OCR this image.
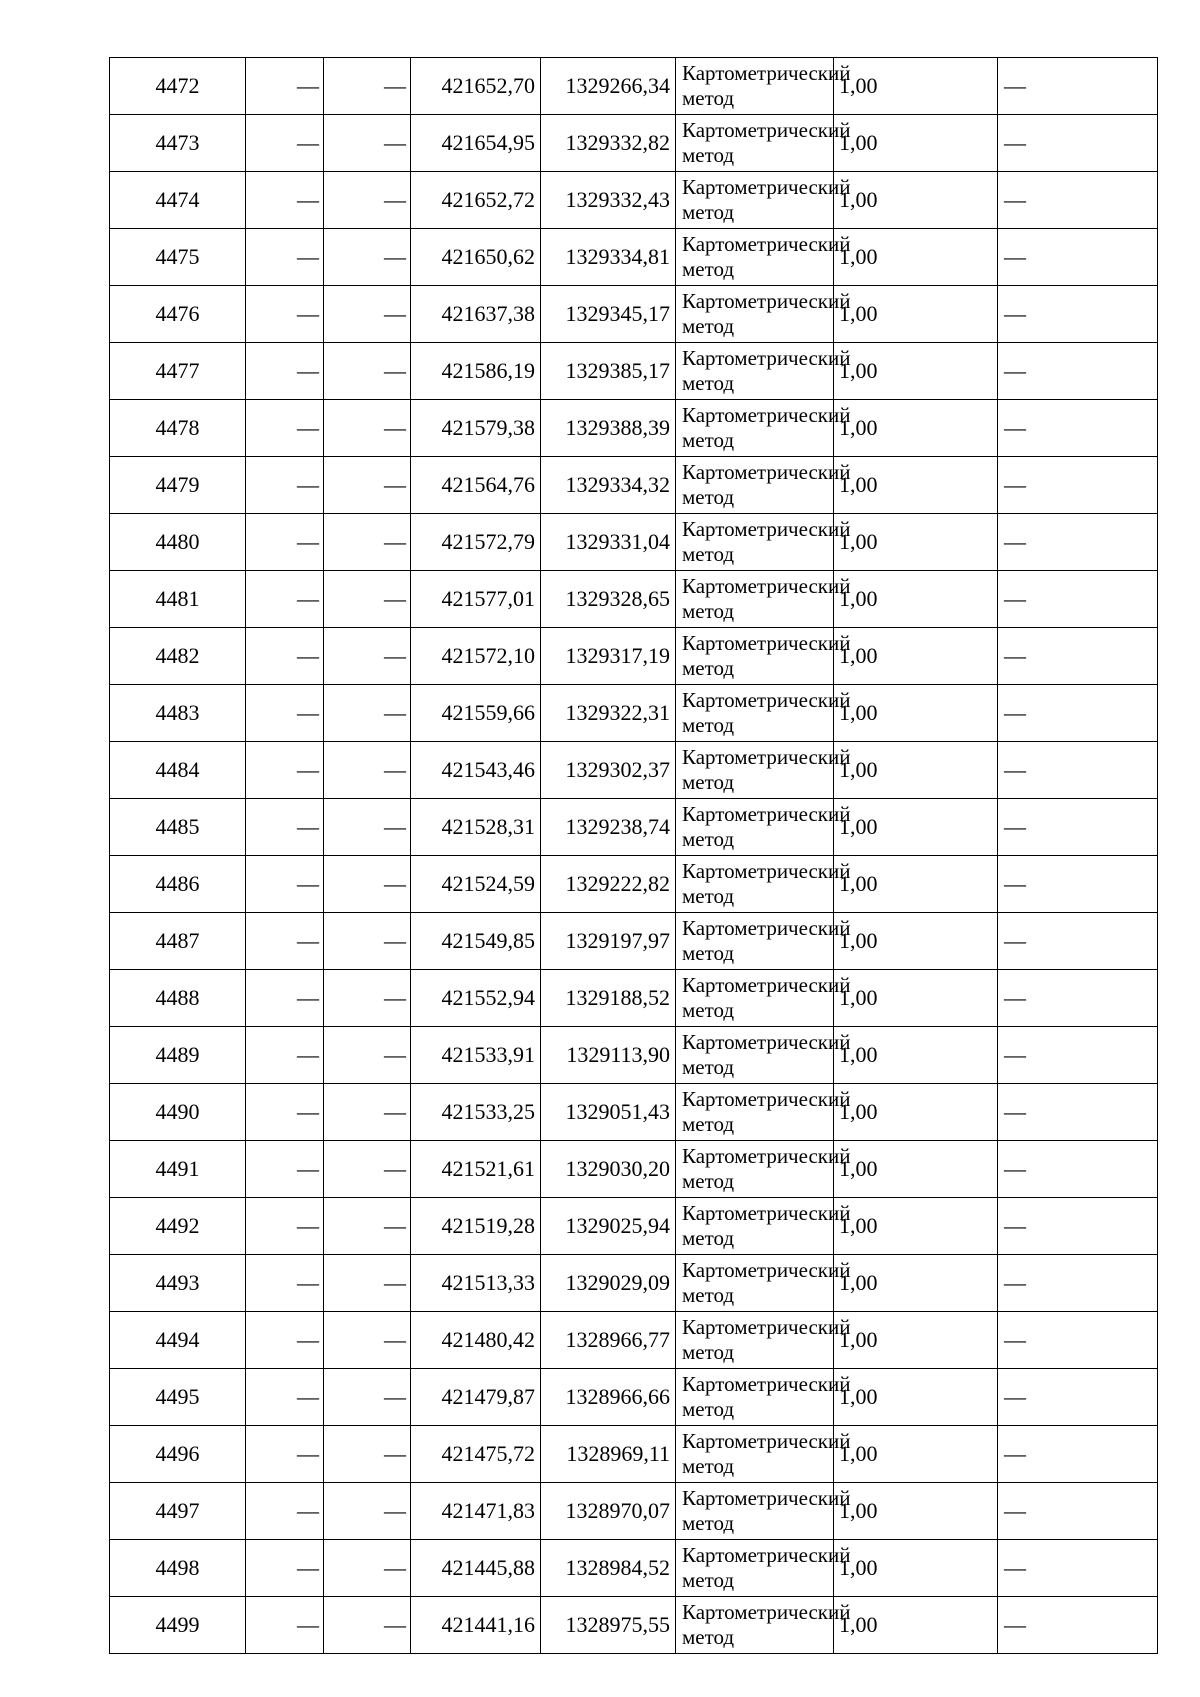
4472	—	—	421652,70	1329266,34	Картометрический метод	1,00	—
4473	—	—	421654,95	1329332,82	Картометрический метод	1,00	—
4474	—	—	421652,72	1329332,43	Картометрический метод	1,00	—
4475	—	—	421650,62	1329334,81	Картометрический метод	1,00	—
4476	—	—	421637,38	1329345,17	Картометрический метод	1,00	—
4477	—	—	421586,19	1329385,17	Картометрический метод	1,00	—
4478	—	—	421579,38	1329388,39	Картометрический метод	1,00	—
4479	—	—	421564,76	1329334,32	Картометрический метод	1,00	—
4480	—	—	421572,79	1329331,04	Картометрический метод	1,00	—
4481	—	—	421577,01	1329328,65	Картометрический метод	1,00	—
4482	—	—	421572,10	1329317,19	Картометрический метод	1,00	—
4483	—	—	421559,66	1329322,31	Картометрический метод	1,00	—
4484	—	—	421543,46	1329302,37	Картометрический метод	1,00	—
4485	—	—	421528,31	1329238,74	Картометрический метод	1,00	—
4486	—	—	421524,59	1329222,82	Картометрический метод	1,00	—
4487	—	—	421549,85	1329197,97	Картометрический метод	1,00	—
4488	—	—	421552,94	1329188,52	Картометрический метод	1,00	—
4489	—	—	421533,91	1329113,90	Картометрический метод	1,00	—
4490	—	—	421533,25	1329051,43	Картометрический метод	1,00	—
4491	—	—	421521,61	1329030,20	Картометрический метод	1,00	—
4492	—	—	421519,28	1329025,94	Картометрический метод	1,00	—
4493	—	—	421513,33	1329029,09	Картометрический метод	1,00	—
4494	—	—	421480,42	1328966,77	Картометрический метод	1,00	—
4495	—	—	421479,87	1328966,66	Картометрический метод	1,00	—
4496	—	—	421475,72	1328969,11	Картометрический метод	1,00	—
4497	—	—	421471,83	1328970,07	Картометрический метод	1,00	—
4498	—	—	421445,88	1328984,52	Картометрический метод	1,00	—
4499	—	—	421441,16	1328975,55	Картометрический метод	1,00	—
